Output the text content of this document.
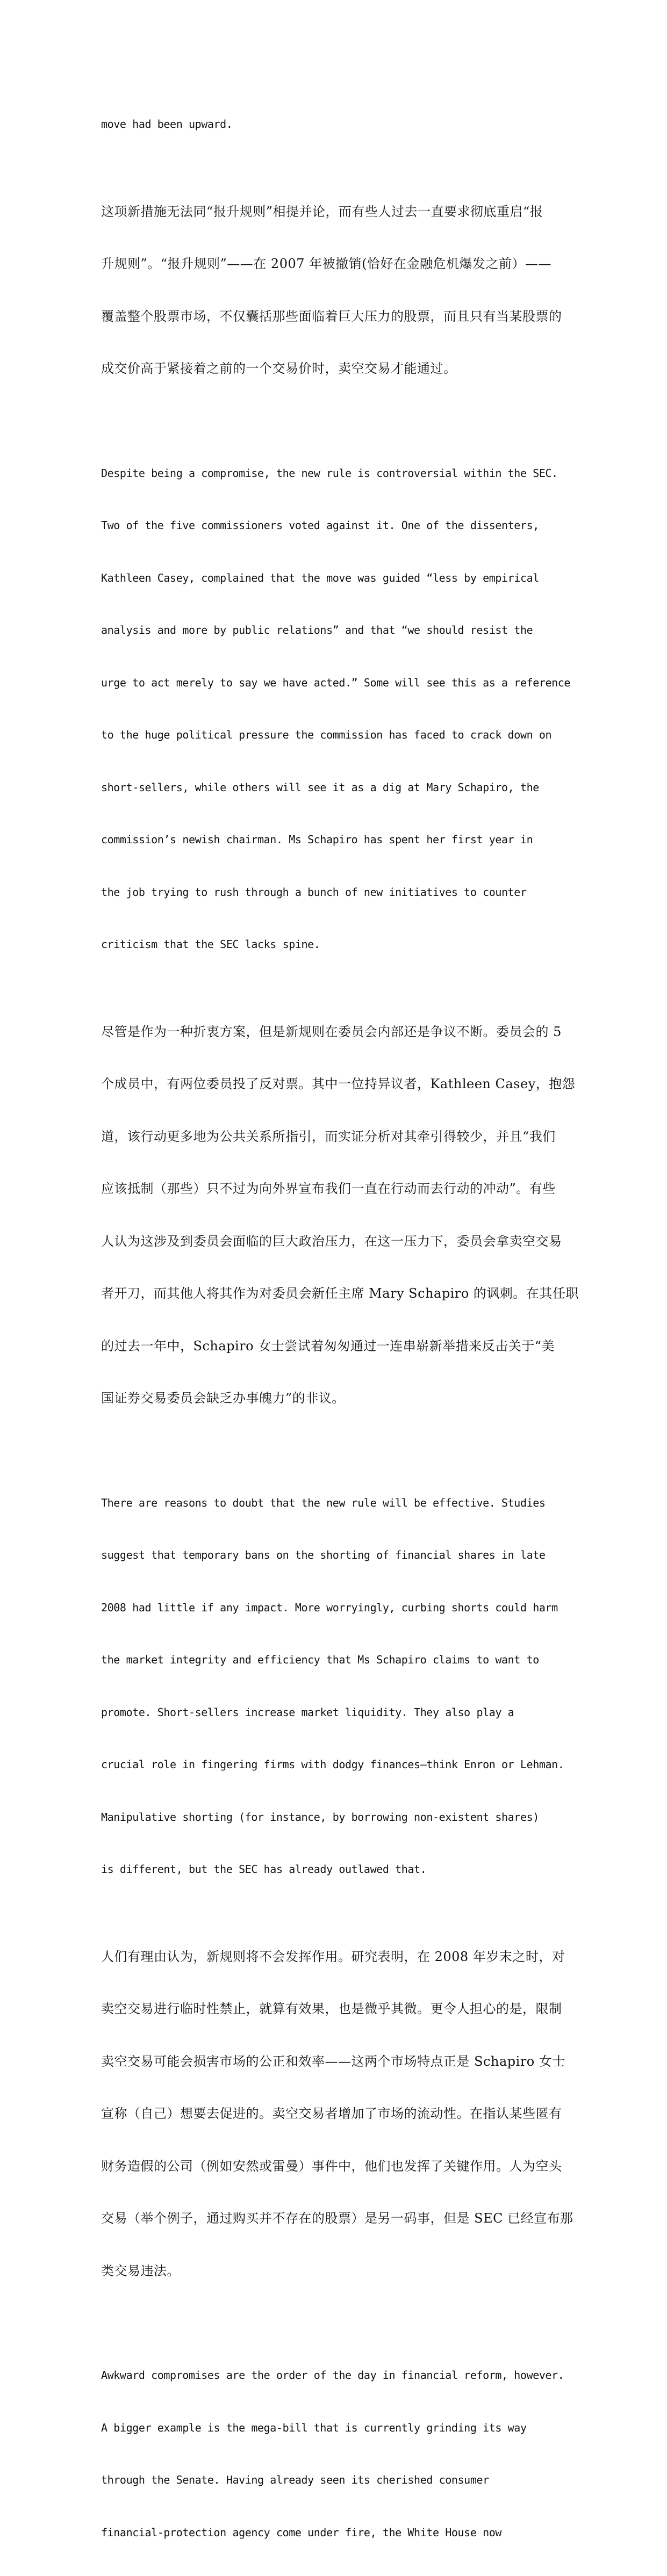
move had been upward.

这项新措施无法同“报升规则”相提并论，而有些人过去一直要求彻底重启“报

升规则”。“报升规则”——在 2007 年被撤销(恰好在金融危机爆发之前）——

覆盖整个股票市场，不仅囊括那些面临着巨大压力的股票，而且只有当某股票的

成交价高于紧接着之前的一个交易价时，卖空交易才能通过。

Despite being a compromise, the new rule is controversial within the SEC.

Two of the five commissioners voted against it. One of the dissenters,

Kathleen Casey, complained that the move was guided “less by empirical

analysis and more by public relations” and that “we should resist the

urge to act merely to say we have acted.” Some will see this as a reference

to the huge political pressure the commission has faced to crack down on

short-sellers, while others will see it as a dig at Mary Schapiro, the

commission’s newish chairman. Ms Schapiro has spent her first year in

the job trying to rush through a bunch of new initiatives to counter

criticism that the SEC lacks spine.

尽管是作为一种折衷方案，但是新规则在委员会内部还是争议不断。委员会的 5

个成员中，有两位委员投了反对票。其中一位持异议者，Kathleen Casey，抱怨

道，该行动更多地为公共关系所指引，而实证分析对其牵引得较少，并且“我们

应该抵制（那些）只不过为向外界宣布我们一直在行动而去行动的冲动”。有些

人认为这涉及到委员会面临的巨大政治压力，在这一压力下，委员会拿卖空交易

者开刀，而其他人将其作为对委员会新任主席 Mary Schapiro 的讽刺。在其任职

的过去一年中，Schapiro 女士尝试着匆匆通过一连串崭新举措来反击关于“美

国证券交易委员会缺乏办事魄力”的非议。

There are reasons to doubt that the new rule will be effective. Studies

suggest that temporary bans on the shorting of financial shares in late

2008 had little if any impact. More worryingly, curbing shorts could harm

the market integrity and efficiency that Ms Schapiro claims to want to

promote. Short-sellers increase market liquidity. They also play a

crucial role in fingering firms with dodgy finances—think Enron or Lehman.

Manipulative shorting (for instance, by borrowing non-existent shares)

is different, but the SEC has already outlawed that.

人们有理由认为，新规则将不会发挥作用。研究表明，在 2008 年岁末之时，对

卖空交易进行临时性禁止，就算有效果，也是微乎其微。更令人担心的是，限制

卖空交易可能会损害市场的公正和效率——这两个市场特点正是 Schapiro 女士

宣称（自己）想要去促进的。卖空交易者增加了市场的流动性。在指认某些匿有

财务造假的公司（例如安然或雷曼）事件中，他们也发挥了关键作用。人为空头

交易（举个例子，通过购买并不存在的股票）是另一码事，但是 SEC 已经宣布那

类交易违法。

Awkward compromises are the order of the day in financial reform, however.

A bigger example is the mega-bill that is currently grinding its way

through the Senate. Having already seen its cherished consumer

financial-protection agency come under fire, the White House now
